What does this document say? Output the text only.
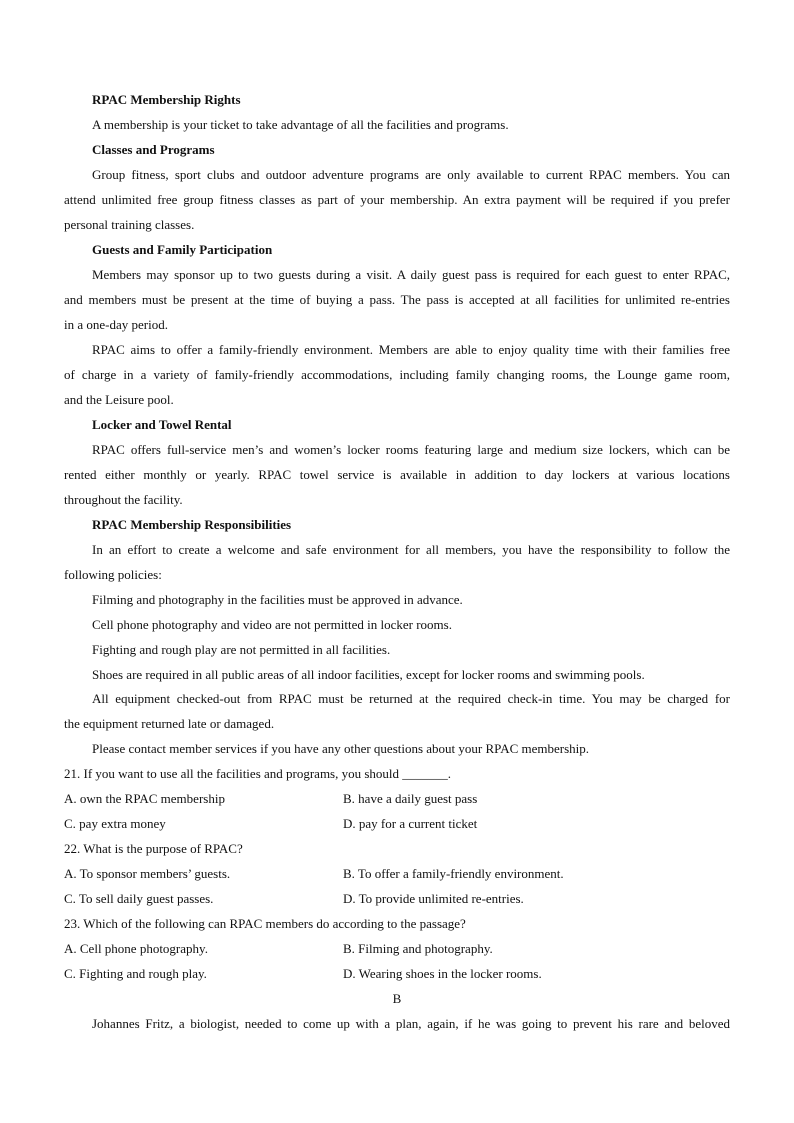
RPAC Membership Rights
A membership is your ticket to take advantage of all the facilities and programs.
Classes and Programs
Group fitness, sport clubs and outdoor adventure programs are only available to current RPAC members. You can
attend unlimited free group fitness classes as part of your membership. An extra payment will be required if you prefer
personal training classes.
Guests and Family Participation
Members may sponsor up to two guests during a visit. A daily guest pass is required for each guest to enter RPAC,
and members must be present at the time of buying a pass. The pass is accepted at all facilities for unlimited re-entries
in a one-day period.
RPAC aims to offer a family-friendly environment. Members are able to enjoy quality time with their families free
of charge in a variety of family-friendly accommodations, including family changing rooms, the Lounge game room,
and the Leisure pool.
Locker and Towel Rental
RPAC offers full-service men’s and women’s locker rooms featuring large and medium size lockers, which can be
rented either monthly or yearly. RPAC towel service is available in addition to day lockers at various locations
throughout the facility.
RPAC Membership Responsibilities
In an effort to create a welcome and safe environment for all members, you have the responsibility to follow the
following policies:
Filming and photography in the facilities must be approved in advance.
Cell phone photography and video are not permitted in locker rooms.
Fighting and rough play are not permitted in all facilities.
Shoes are required in all public areas of all indoor facilities, except for locker rooms and swimming pools.
All equipment checked-out from RPAC must be returned at the required check-in time. You may be charged for
the equipment returned late or damaged.
Please contact member services if you have any other questions about your RPAC membership.
21. If you want to use all the facilities and programs, you should _______.
A. own the RPAC membership	B. have a daily guest pass
C. pay extra money	D. pay for a current ticket
22. What is the purpose of RPAC?
A. To sponsor members’ guests.	B. To offer a family-friendly environment.
C. To sell daily guest passes.	D. To provide unlimited re-entries.
23. Which of the following can RPAC members do according to the passage?
A. Cell phone photography.	B. Filming and photography.
C. Fighting and rough play.	D. Wearing shoes in the locker rooms.
B
Johannes Fritz, a biologist, needed to come up with a plan, again, if he was going to prevent his rare and beloved
